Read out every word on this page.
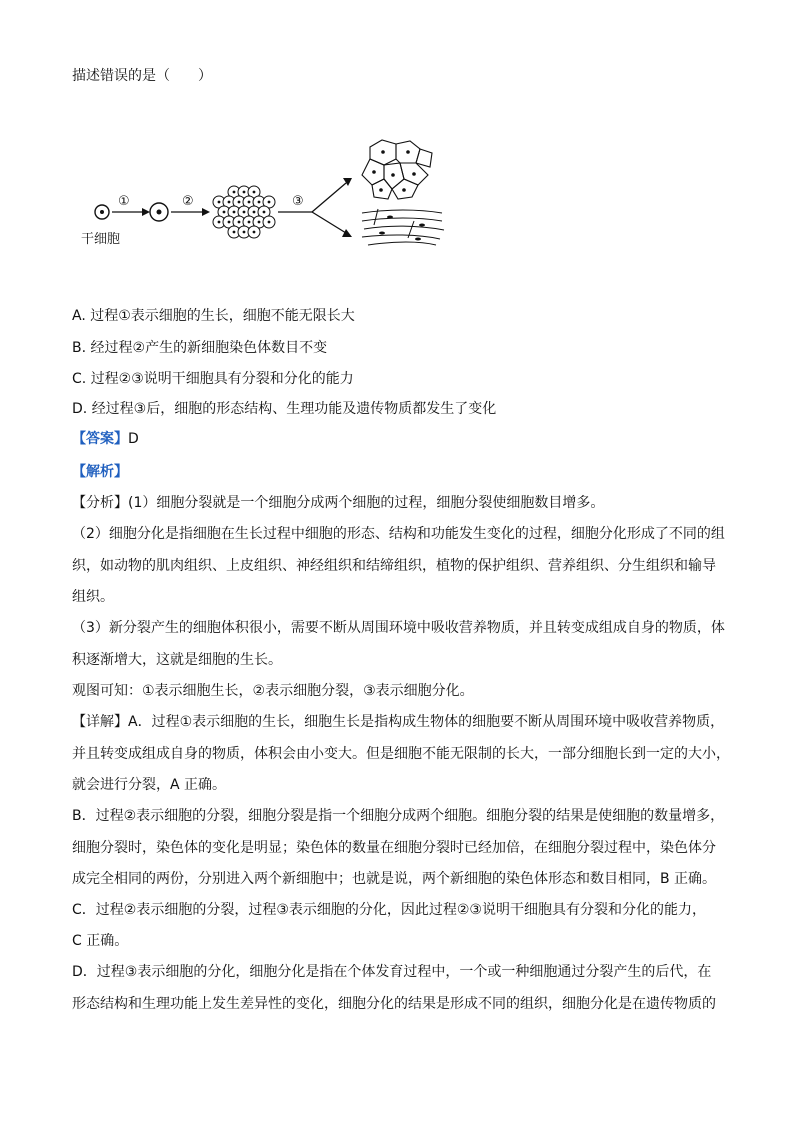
描述错误的是（　　）
干细胞
①	②	③
A. 过程①表示细胞的生长，细胞不能无限长大
B. 经过程②产生的新细胞染色体数目不变
C. 过程②③说明干细胞具有分裂和分化的能力
D. 经过程③后，细胞的形态结构、生理功能及遗传物质都发生了变化
【答案】D
【解析】
【分析】(1）细胞分裂就是一个细胞分成两个细胞的过程，细胞分裂使细胞数目增多。
（2）细胞分化是指细胞在生长过程中细胞的形态、结构和功能发生变化的过程，细胞分化形成了不同的组
织，如动物的肌肉组织、上皮组织、神经组织和结缔组织，植物的保护组织、营养组织、分生组织和输导
组织。
（3）新分裂产生的细胞体积很小，需要不断从周围环境中吸收营养物质，并且转变成组成自身的物质，体
积逐渐增大，这就是细胞的生长。
观图可知：①表示细胞生长，②表示细胞分裂，③表示细胞分化。
【详解】A．过程①表示细胞的生长，细胞生长是指构成生物体的细胞要不断从周围环境中吸收营养物质，
并且转变成组成自身的物质，体积会由小变大。但是细胞不能无限制的长大，一部分细胞长到一定的大小，
就会进行分裂，A 正确。
B．过程②表示细胞的分裂，细胞分裂是指一个细胞分成两个细胞。细胞分裂的结果是使细胞的数量增多，
细胞分裂时，染色体的变化是明显；染色体的数量在细胞分裂时已经加倍，在细胞分裂过程中，染色体分
成完全相同的两份，分别进入两个新细胞中；也就是说，两个新细胞的染色体形态和数目相同，B 正确。
C．过程②表示细胞的分裂，过程③表示细胞的分化，因此过程②③说明干细胞具有分裂和分化的能力，
C 正确。
D．过程③表示细胞的分化，细胞分化是指在个体发育过程中，一个或一种细胞通过分裂产生的后代，在
形态结构和生理功能上发生差异性的变化，细胞分化的结果是形成不同的组织，细胞分化是在遗传物质的
